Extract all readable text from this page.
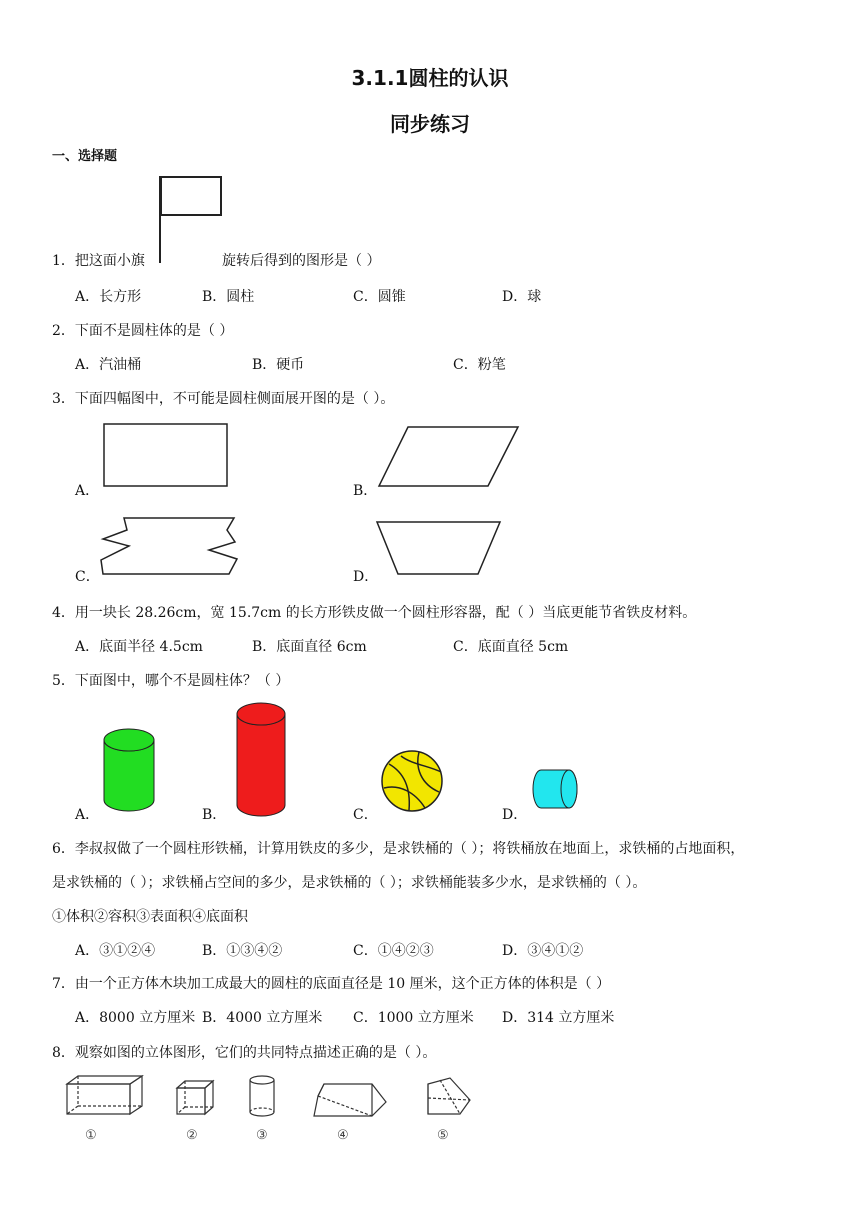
3.1.1圆柱的认识
同步练习
一、选择题
1．把这面小旗	旋转后得到的图形是（ ）
A．长方形	B．圆柱	C．圆锥	D．球
2．下面不是圆柱体的是（ ）
A．汽油桶	B．硬币	C．粉笔
3．下面四幅图中，不可能是圆柱侧面展开图的是（ ）。
A．	B．
C．	D．
4．用一块长 28.26cm，宽 15.7cm 的长方形铁皮做一个圆柱形容器，配（ ）当底更能节省铁皮材料。
A．底面半径 4.5cm	B．底面直径 6cm	C．底面直径 5cm
5．下面图中，哪个不是圆柱体？（ ）
A．	B．	C．	D．
6．李叔叔做了一个圆柱形铁桶，计算用铁皮的多少，是求铁桶的（ ）；将铁桶放在地面上，求铁桶的占地面积，
是求铁桶的（ ）；求铁桶占空间的多少，是求铁桶的（ ）；求铁桶能装多少水，是求铁桶的（ ）。
①体积②容积③表面积④底面积
A．③①②④	B．①③④②	C．①④②③	D．③④①②
7．由一个正方体木块加工成最大的圆柱的底面直径是 10 厘米，这个正方体的体积是（ ）
A．8000 立方厘米 B．4000 立方厘米 C．1000 立方厘米 D．314 立方厘米
8．观察如图的立体图形，它们的共同特点描述正确的是（ ）。
①	②	③	④	⑤
